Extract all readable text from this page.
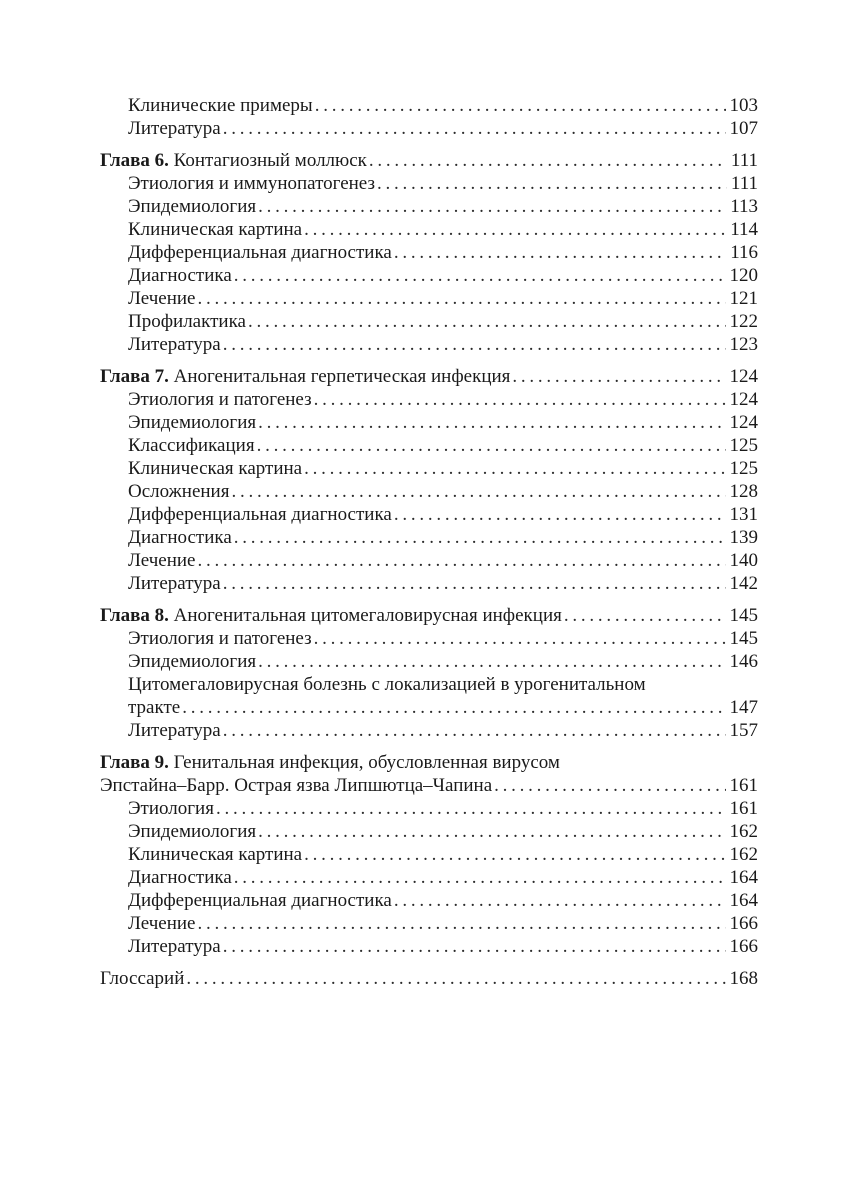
Клинические примеры . . .	103
Литература . . .	107
Глава 6. Контагиозный моллюск . . .	111
Этиология и иммунопатогенез . . .	111
Эпидемиология . . .	113
Клиническая картина . . .	114
Дифференциальная диагностика . . .	116
Диагностика . . .	120
Лечение . . .	121
Профилактика . . .	122
Литература . . .	123
Глава 7. Аногенитальная герпетическая инфекция . . .	124
Этиология и патогенез . . .	124
Эпидемиология . . .	124
Классификация . . .	125
Клиническая картина . . .	125
Осложнения . . .	128
Дифференциальная диагностика . . .	131
Диагностика . . .	139
Лечение . . .	140
Литература . . .	142
Глава 8. Аногенитальная цитомегаловирусная инфекция . . .	145
Этиология и патогенез . . .	145
Эпидемиология . . .	146
Цитомегаловирусная болезнь с локализацией в урогенитальном
тракте . . .	147
Литература . . .	157
Глава 9. Генитальная инфекция, обусловленная вирусом
Эпстайна–Барр. Острая язва Липшютца–Чапина . . .	161
Этиология . . .	161
Эпидемиология . . .	162
Клиническая картина . . .	162
Диагностика . . .	164
Дифференциальная диагностика . . .	164
Лечение . . .	166
Литература . . .	166
Глоссарий . . .	168
